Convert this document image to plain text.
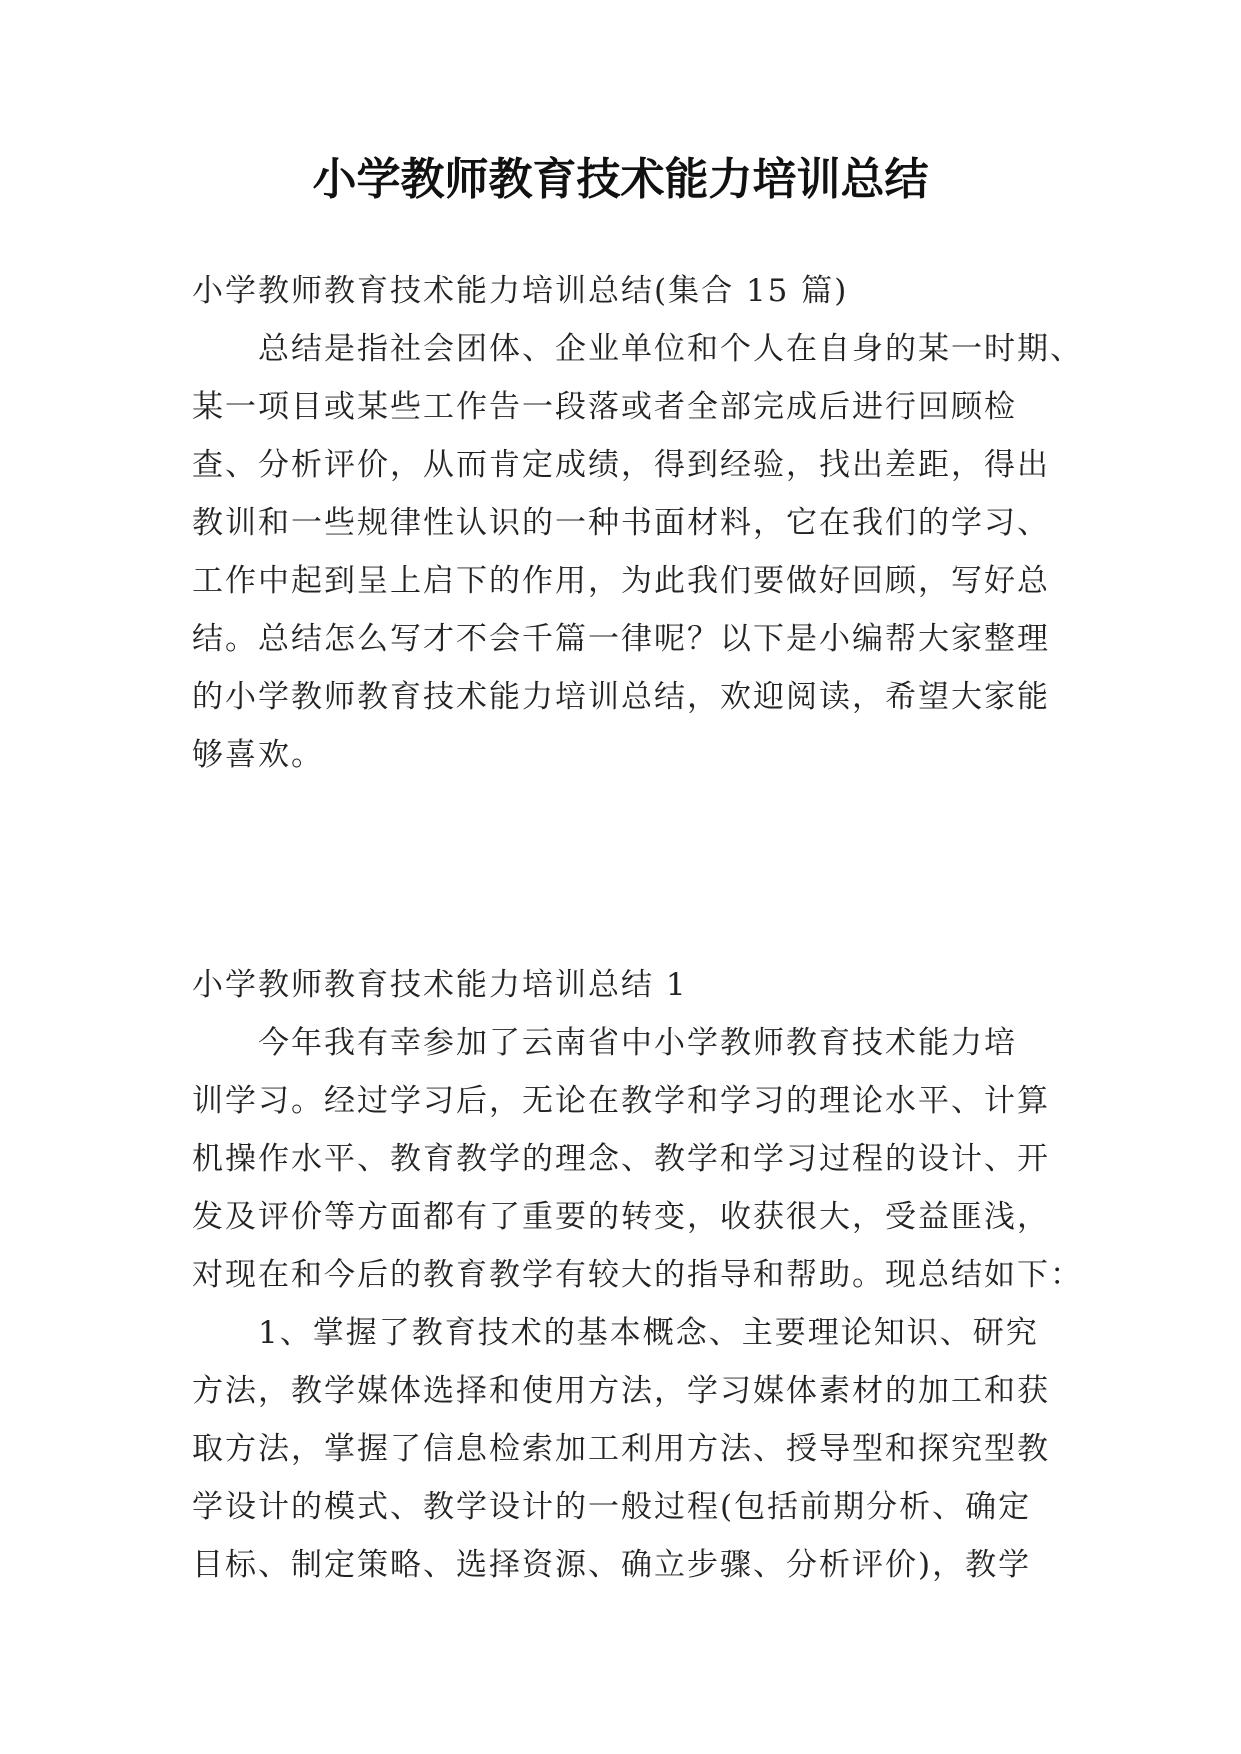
小学教师教育技术能力培训总结
小学教师教育技术能力培训总结(集合 15 篇)
总结是指社会团体、企业单位和个人在自身的某一时期、
某一项目或某些工作告一段落或者全部完成后进行回顾检
查、分析评价，从而肯定成绩，得到经验，找出差距，得出
教训和一些规律性认识的一种书面材料，它在我们的学习、
工作中起到呈上启下的作用，为此我们要做好回顾，写好总
结。总结怎么写才不会千篇一律呢？以下是小编帮大家整理
的小学教师教育技术能力培训总结，欢迎阅读，希望大家能
够喜欢。
小学教师教育技术能力培训总结 1
今年我有幸参加了云南省中小学教师教育技术能力培
训学习。经过学习后，无论在教学和学习的理论水平、计算
机操作水平、教育教学的理念、教学和学习过程的设计、开
发及评价等方面都有了重要的转变，收获很大，受益匪浅，
对现在和今后的教育教学有较大的指导和帮助。现总结如下：
1、掌握了教育技术的基本概念、主要理论知识、研究
方法，教学媒体选择和使用方法，学习媒体素材的加工和获
取方法，掌握了信息检索加工利用方法、授导型和探究型教
学设计的模式、教学设计的一般过程(包括前期分析、确定
目标、制定策略、选择资源、确立步骤、分析评价)，教学
